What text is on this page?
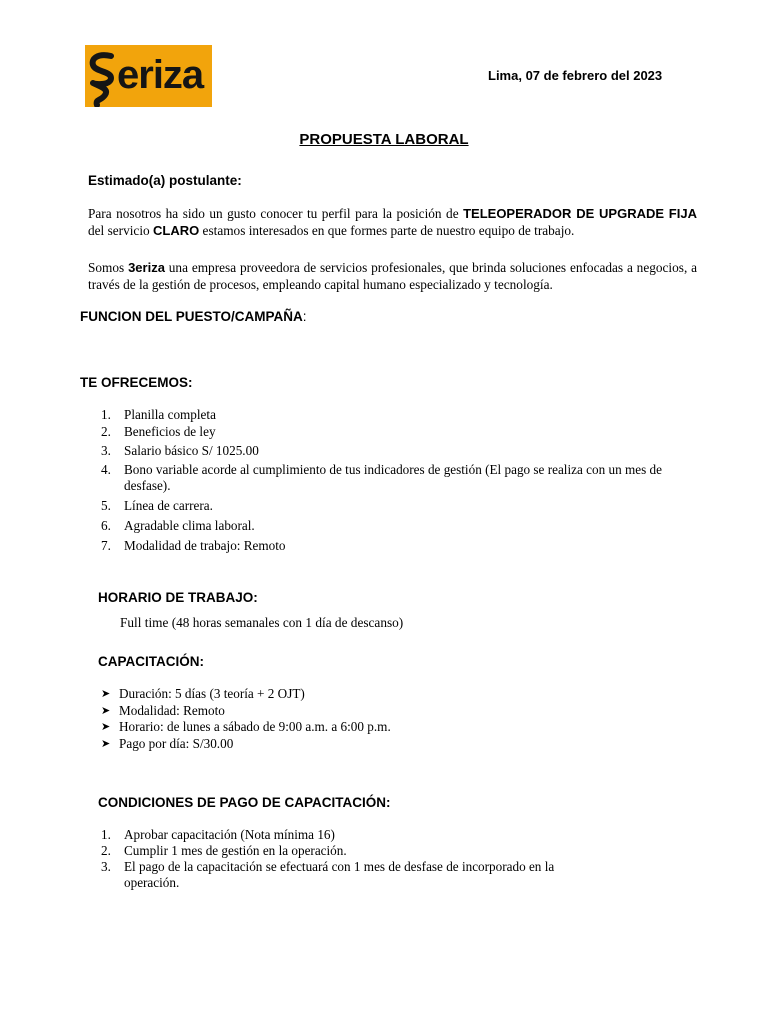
eriza	Lima, 07 de febrero del 2023
PROPUESTA LABORAL
Estimado(a) postulante:
Para nosotros ha sido un gusto conocer tu perfil para la posición de TELEOPERADOR DE UPGRADE FIJA del servicio CLARO estamos interesados en que formes parte de nuestro equipo de trabajo.
Somos 3eriza una empresa proveedora de servicios profesionales, que brinda soluciones enfocadas a negocios, a través de la gestión de procesos, empleando capital humano especializado y tecnología.
FUNCION DEL PUESTO/CAMPAÑA:
TE OFRECEMOS:
1. Planilla completa
2. Beneficios de ley
3. Salario básico S/ 1025.00
4. Bono variable acorde al cumplimiento de tus indicadores de gestión (El pago se realiza con un mes de desfase).
5. Línea de carrera.
6. Agradable clima laboral.
7. Modalidad de trabajo: Remoto
HORARIO DE TRABAJO:
Full time (48 horas semanales con 1 día de descanso)
CAPACITACIÓN:
➤ Duración: 5 días (3 teoría + 2 OJT)
➤ Modalidad: Remoto
➤ Horario: de lunes a sábado de 9:00 a.m. a 6:00 p.m.
➤ Pago por día: S/30.00
CONDICIONES DE PAGO DE CAPACITACIÓN:
1. Aprobar capacitación (Nota mínima 16)
2. Cumplir 1 mes de gestión en la operación.
3. El pago de la capacitación se efectuará con 1 mes de desfase de incorporado en la operación.
